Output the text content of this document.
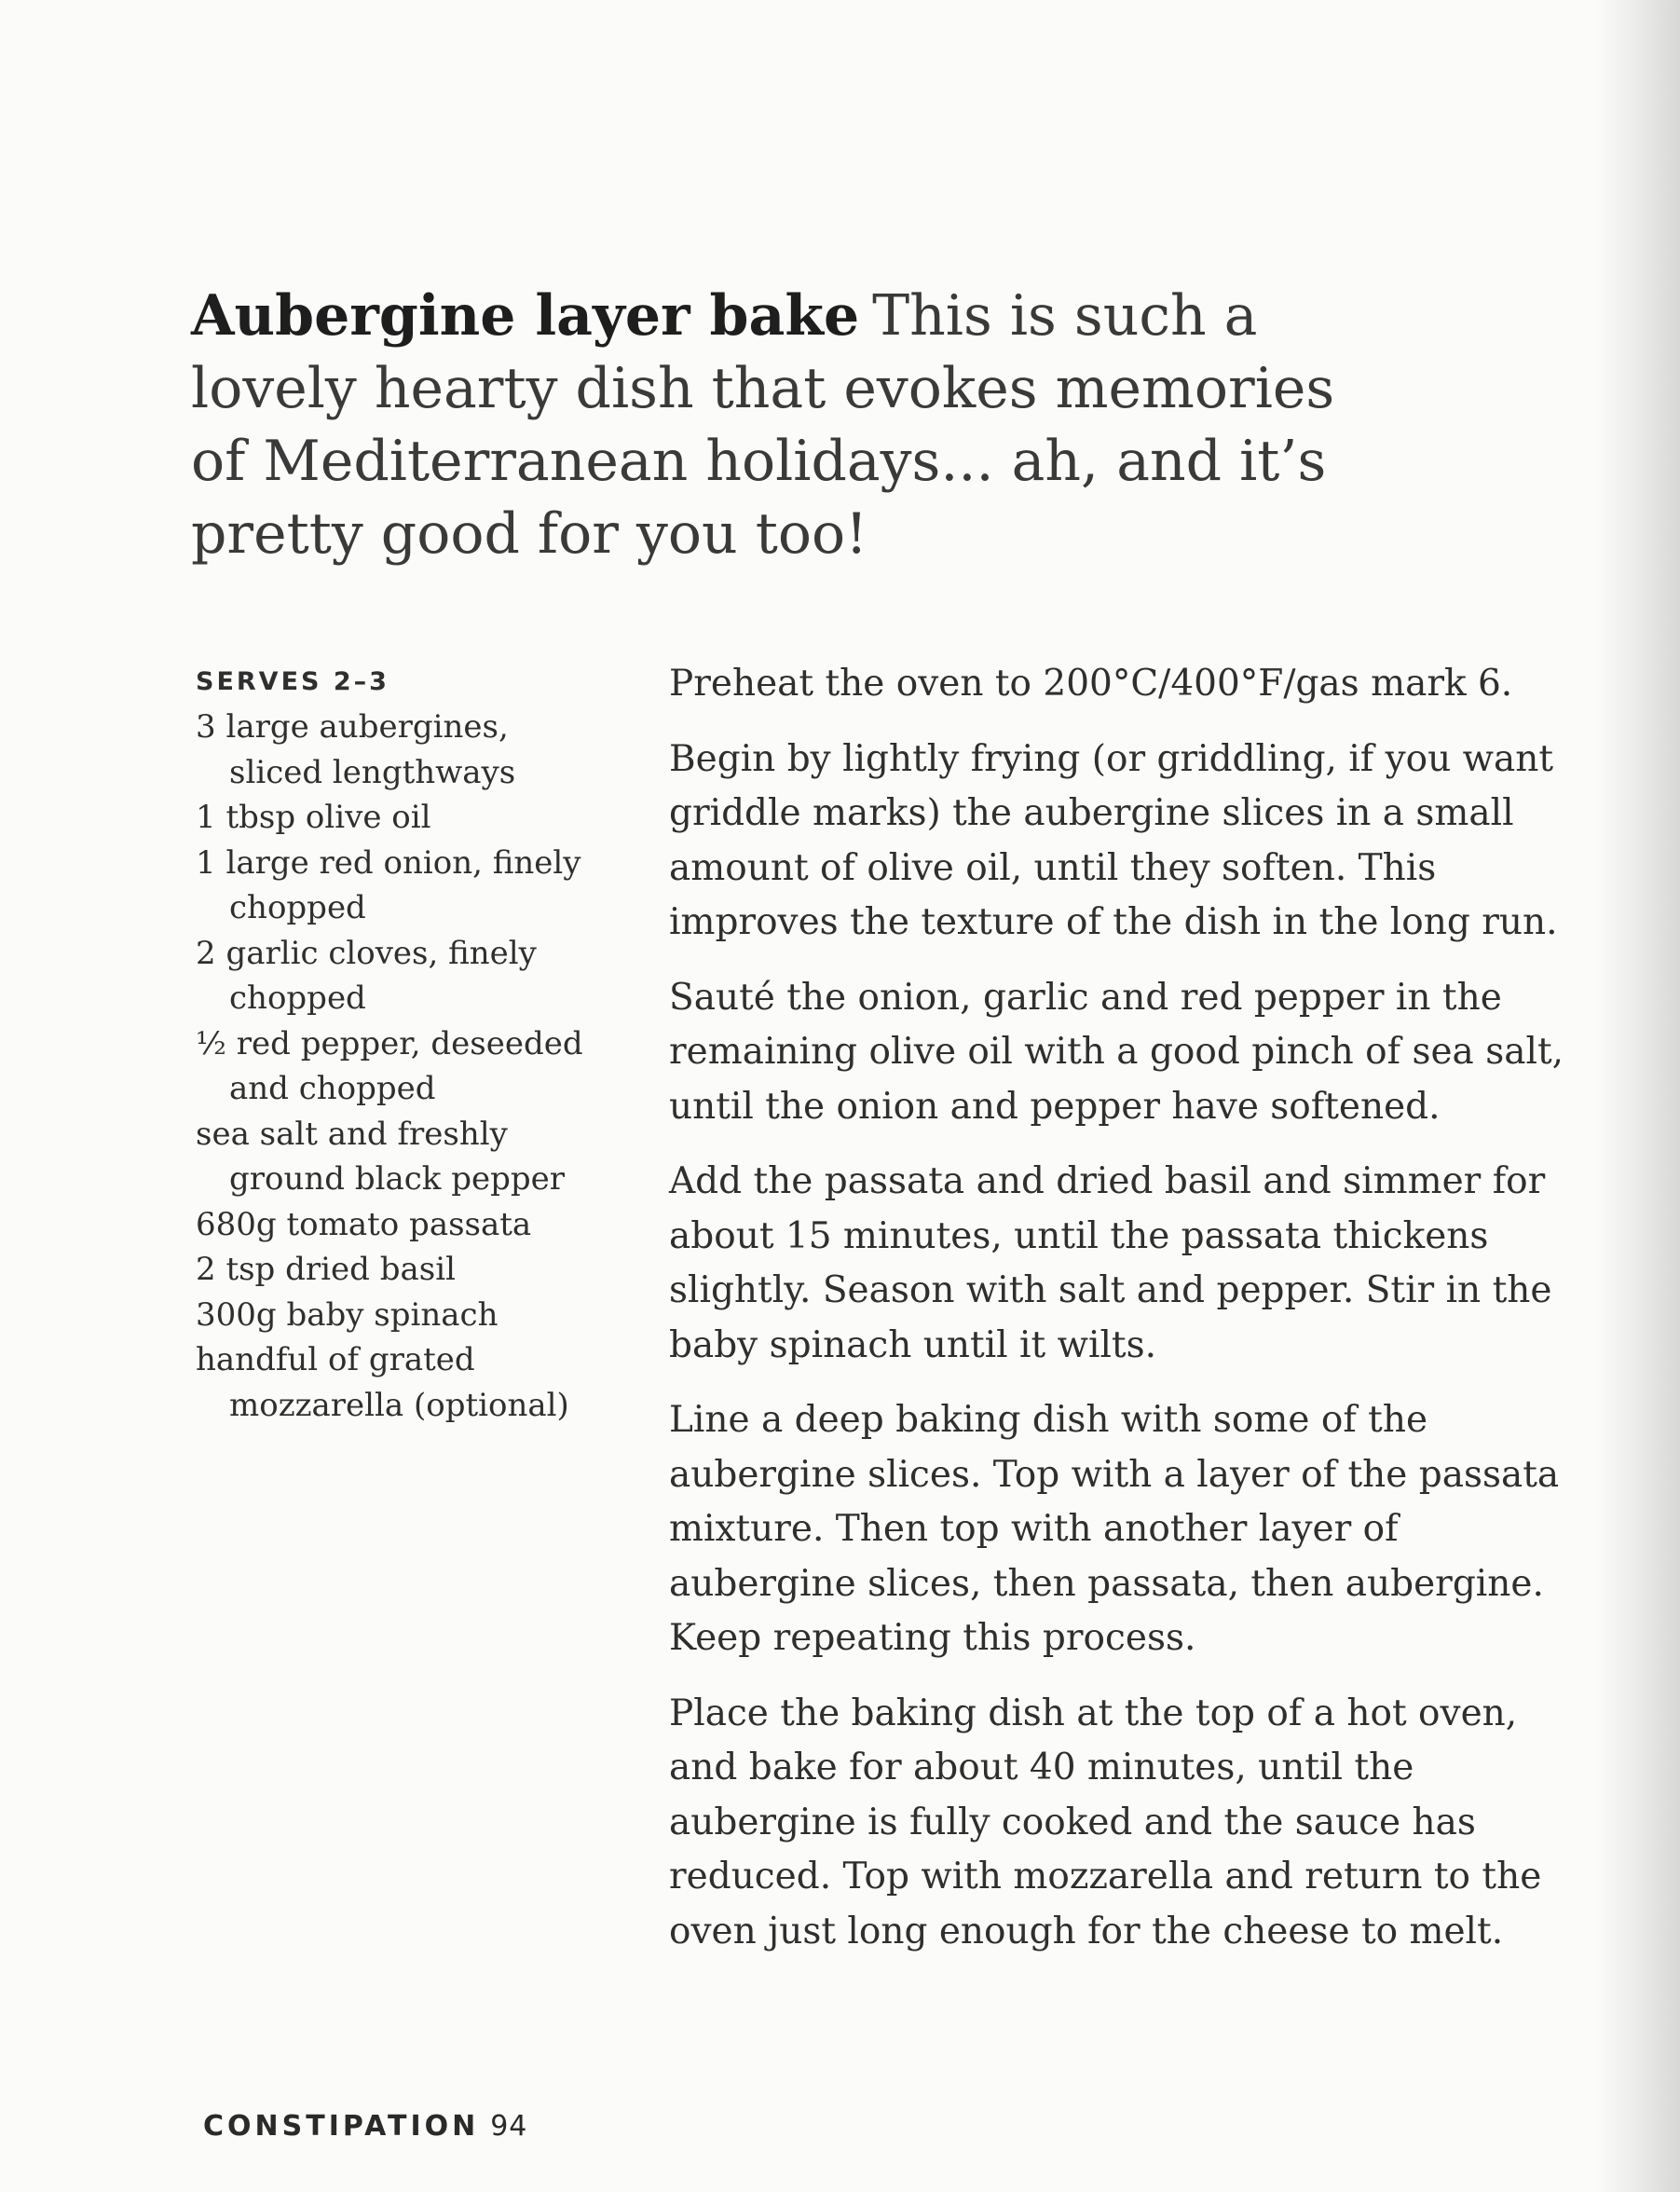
Aubergine layer bake This is such a lovely hearty dish that evokes memories of Mediterranean holidays... ah, and it’s pretty good for you too!
SERVES 2–3
3 large aubergines, sliced lengthways
1 tbsp olive oil
1 large red onion, finely chopped
2 garlic cloves, finely chopped
½ red pepper, deseeded and chopped
sea salt and freshly ground black pepper
680g tomato passata
2 tsp dried basil
300g baby spinach
handful of grated mozzarella (optional)

Preheat the oven to 200°C/400°F/gas mark 6.

Begin by lightly frying (or griddling, if you want griddle marks) the aubergine slices in a small amount of olive oil, until they soften. This improves the texture of the dish in the long run.

Sauté the onion, garlic and red pepper in the remaining olive oil with a good pinch of sea salt, until the onion and pepper have softened.

Add the passata and dried basil and simmer for about 15 minutes, until the passata thickens slightly. Season with salt and pepper. Stir in the baby spinach until it wilts.

Line a deep baking dish with some of the aubergine slices. Top with a layer of the passata mixture. Then top with another layer of aubergine slices, then passata, then aubergine. Keep repeating this process.

Place the baking dish at the top of a hot oven, and bake for about 40 minutes, until the aubergine is fully cooked and the sauce has reduced. Top with mozzarella and return to the oven just long enough for the cheese to melt.

CONSTIPATION 94
